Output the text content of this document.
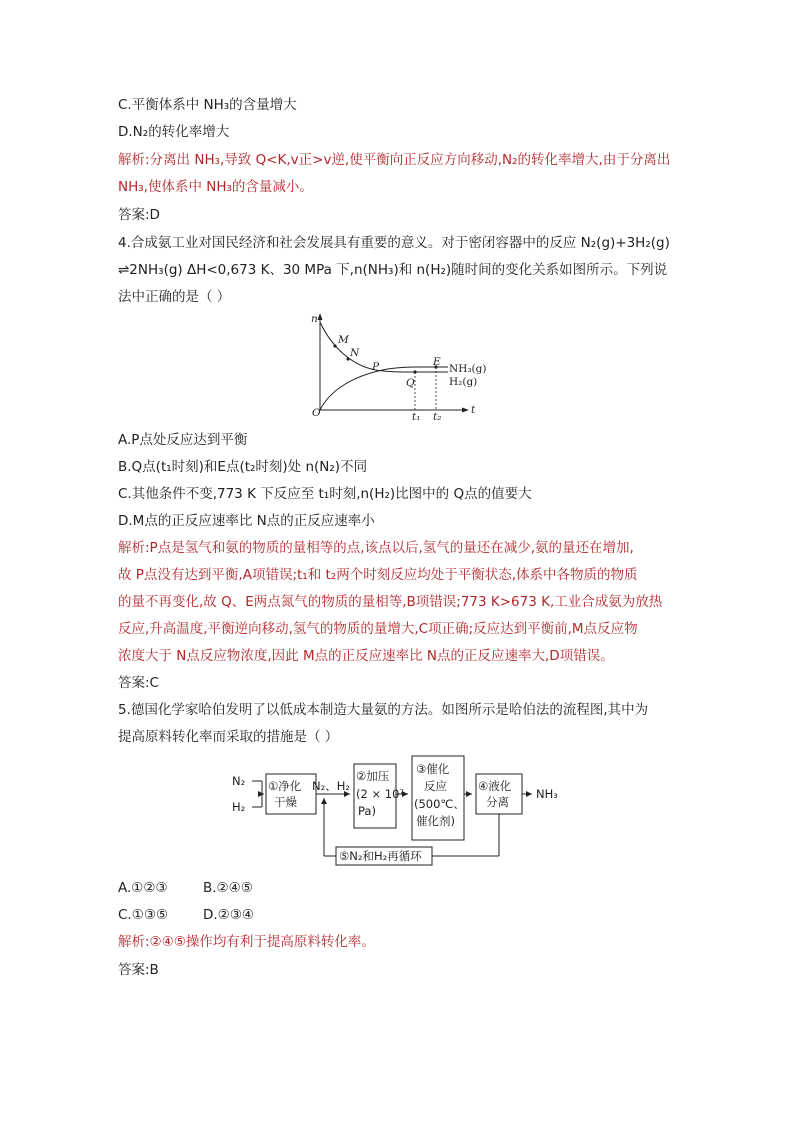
C.平衡体系中 NH₃的含量增大
D.N₂的转化率增大
解析:分离出 NH₃,导致 Q<K,v正>v逆,使平衡向正反应方向移动,N₂的转化率增大,由于分离出
NH₃,使体系中 NH₃的含量减小。
答案:D
4.合成氨工业对国民经济和社会发展具有重要的意义。对于密闭容器中的反应 N₂(g)+3H₂(g)
⇌2NH₃(g) ΔH<0,673 K、30 MPa 下,n(NH₃)和 n(H₂)随时间的变化关系如图所示。下列说
法中正确的是（ ）
n
t
O
M
N
P
Q
E
NH₃(g)
H₂(g)
t₁ t₂
A.P点处反应达到平衡
B.Q点(t₁时刻)和E点(t₂时刻)处 n(N₂)不同
C.其他条件不变,773 K 下反应至 t₁时刻,n(H₂)比图中的 Q点的值要大
D.M点的正反应速率比 N点的正反应速率小
解析:P点是氢气和氨的物质的量相等的点,该点以后,氢气的量还在减少,氨的量还在增加,
故 P点没有达到平衡,A项错误;t₁和 t₂两个时刻反应均处于平衡状态,体系中各物质的物质
的量不再变化,故 Q、E两点氮气的物质的量相等,B项错误;773 K>673 K,工业合成氨为放热
反应,升高温度,平衡逆向移动,氢气的物质的量增大,C项正确;反应达到平衡前,M点反应物
浓度大于 N点反应物浓度,因此 M点的正反应速率比 N点的正反应速率大,D项错误。
答案:C
5.德国化学家哈伯发明了以低成本制造大量氨的方法。如图所示是哈伯法的流程图,其中为
提高原料转化率而采取的措施是（ ）
N₂
H₂
①净化
干燥
N₂、H₂
②加压
(2 × 10⁷
Pa)
③催化
反应
(500℃、
催化剂)
④液化
分离
NH₃
⑤N₂和H₂再循环
A.①②③	B.②④⑤
C.①③⑤	D.②③④
解析:②④⑤操作均有利于提高原料转化率。
答案:B
